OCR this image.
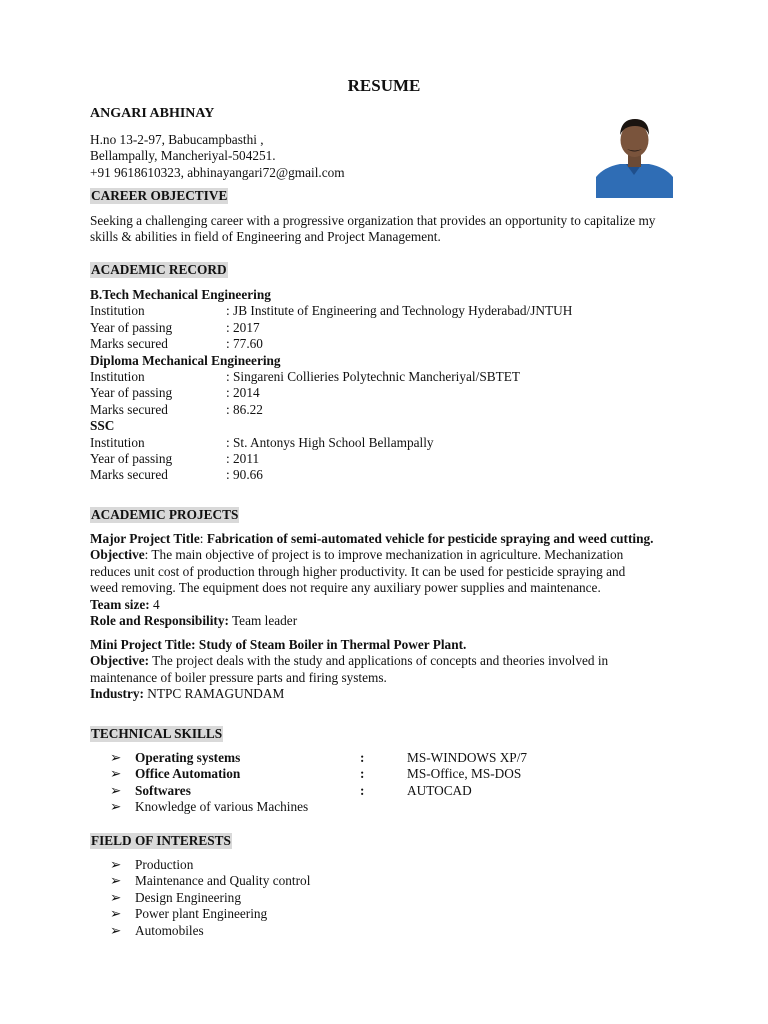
RESUME
ANGARI ABHINAY
H.no 13-2-97, Babucampbasthi ,
Bellampally, Mancheriyal-504251.
+91 9618610323, abhinayangari72@gmail.com
CAREER OBJECTIVE
Seeking a challenging career with a progressive organization that provides an opportunity to capitalize my
skills & abilities in field of Engineering and Project Management.
ACADEMIC RECORD
B.Tech Mechanical Engineering
Institution	: JB Institute of Engineering and Technology Hyderabad/JNTUH
Year of passing	: 2017
Marks secured	: 77.60
Diploma Mechanical Engineering
Institution	: Singareni Collieries Polytechnic Mancheriyal/SBTET
Year of passing	: 2014
Marks secured	: 86.22
SSC
Institution	: St. Antonys High School Bellampally
Year of passing	: 2011
Marks secured	: 90.66
ACADEMIC PROJECTS
Major Project Title: Fabrication of semi-automated vehicle for pesticide spraying and weed cutting.
Objective: The main objective of project is to improve mechanization in agriculture. Mechanization
reduces unit cost of production through higher productivity. It can be used for pesticide spraying and
weed removing. The equipment does not require any auxiliary power supplies and maintenance.
Team size: 4
Role and Responsibility: Team leader
Mini Project Title: Study of Steam Boiler in Thermal Power Plant.
Objective: The project deals with the study and applications of concepts and theories involved in
maintenance of boiler pressure parts and firing systems.
Industry: NTPC RAMAGUNDAM
TECHNICAL SKILLS
➢ Operating systems	:	MS-WINDOWS XP/7
➢ Office Automation	:	MS-Office, MS-DOS
➢ Softwares	:	AUTOCAD
➢ Knowledge of various Machines
FIELD OF INTERESTS
➢ Production
➢ Maintenance and Quality control
➢ Design Engineering
➢ Power plant Engineering
➢ Automobiles
